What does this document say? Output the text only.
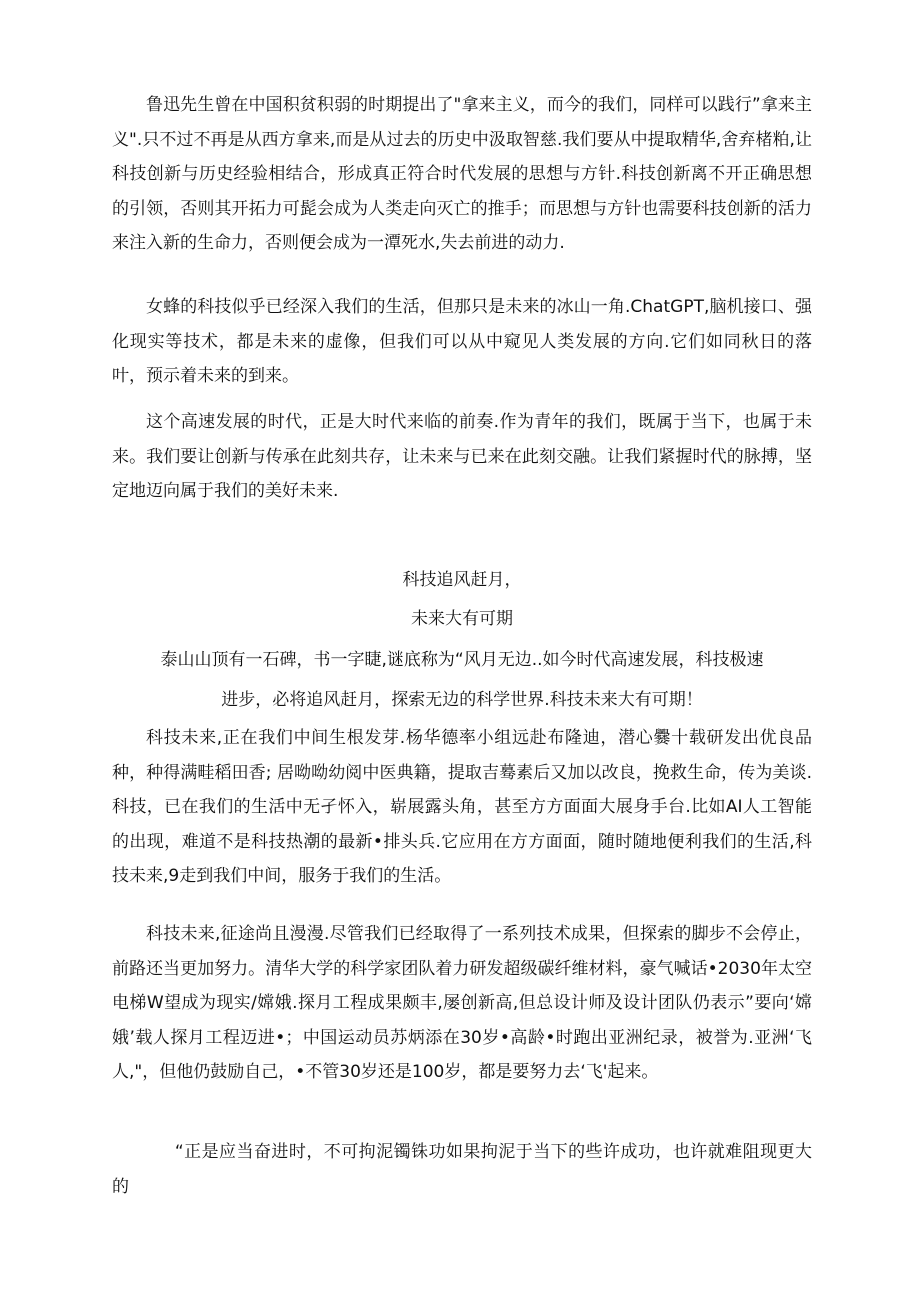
鲁迅先生曾在中国积贫积弱的时期提出了"拿来主义，而今的我们，同样可以践行”拿来主义".只不过不再是从西方拿来,而是从过去的历史中汲取智慈.我们要从中提取精华,舍弃楮粕,让科技创新与历史经验相结合，形成真正符合时代发展的思想与方针.科技创新离不开正确思想的引领，否则其开拓力可髭会成为人类走向灭亡的推手；而思想与方针也需要科技创新的活力来注入新的生命力，否则便会成为一潭死水,失去前进的动力.

女蜂的科技似乎已经深入我们的生活，但那只是未来的冰山一角.ChatGPT,脑机接口、强化现实等技术，都是未来的虚像，但我们可以从中窥见人类发展的方向.它们如同秋日的落叶，预示着未来的到来。

这个高速发展的时代，正是大时代来临的前奏.作为青年的我们，既属于当下，也属于未来。我们要让创新与传承在此刻共存，让未来与已来在此刻交融。让我们紧握时代的脉搏，坚定地迈向属于我们的美好未来.

科技追风赶月，
未来大有可期
泰山山顶有一石碑，书一字睫,谜底称为“风月无边..如今时代高速发展，科技极速
进步，必将追风赶月，探索无边的科学世界.科技未来大有可期！

科技未来,正在我们中间生根发芽.杨华德率小组远赴布隆迪，潜心爨十载研发出优良品种，种得满畦稻田香; 居呦呦幼阅中医典籍，提取吉蓦素后又加以改良，挽救生命，传为美谈.科技，已在我们的生活中无孑怀入，崭展露头角，甚至方方面面大展身手台.比如AI人工智能的出现，难道不是科技热潮的最新•排头兵.它应用在方方面面，随时随地便利我们的生活,科技未来,9走到我们中间，服务于我们的生活。

科技未来,征途尚且漫漫.尽管我们已经取得了一系列技术成果，但探索的脚步不会停止，前路还当更加努力。清华大学的科学家团队着力研发超级碳纤维材料，豪气喊话•2030年太空电梯W望成为现实/嫦娥.探月工程成果颇丰,屡创新高,但总设计师及设计团队仍表示”要向‘嫦娥’载人探月工程迈进•；中国运动员苏炳添在30岁•高龄•时跑出亚洲纪录，被誉为.亚洲‘飞人,"，但他仍鼓励自己，•不管30岁还是100岁，都是要努力去‘飞'起来。

“正是应当奋进时，不可拘泥镯铢功如果拘泥于当下的些许成功，也许就难阻现更大的
